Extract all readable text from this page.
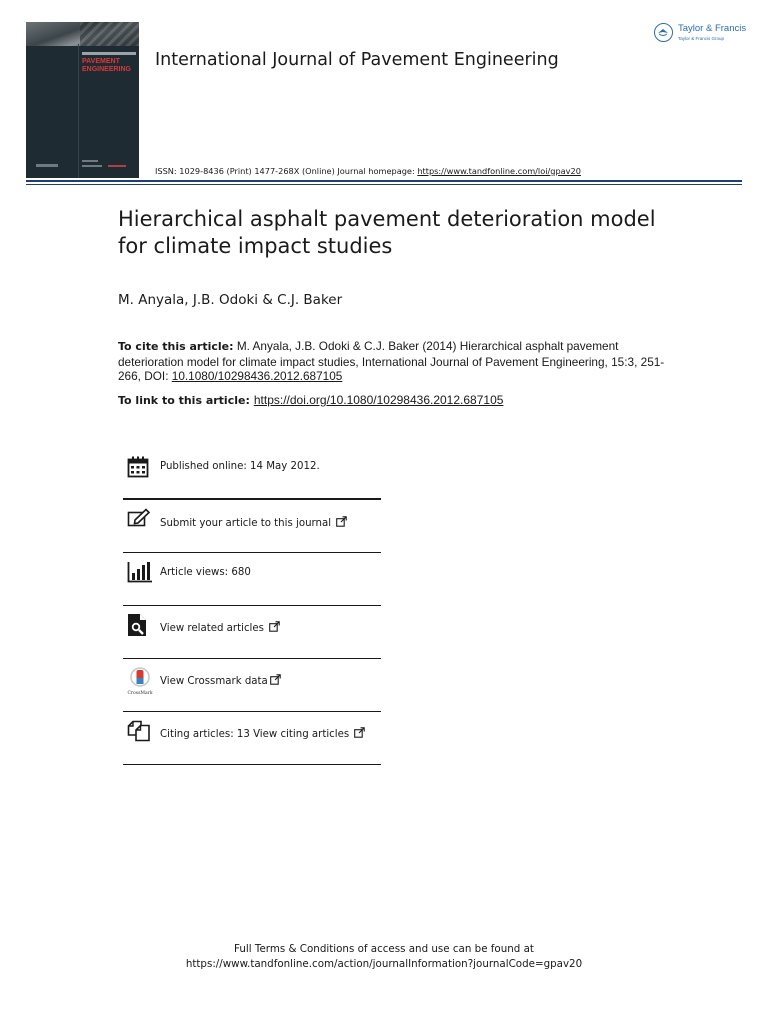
PAVEMENT
ENGINEERING International Journal of Pavement Engineering
Taylor & Francis
Taylor & Francis Group
ISSN: 1029-8436 (Print) 1477-268X (Online) Journal homepage: https://www.tandfonline.com/loi/gpav20
Hierarchical asphalt pavement deterioration model for climate impact studies
M. Anyala, J.B. Odoki & C.J. Baker
To cite this article: M. Anyala, J.B. Odoki & C.J. Baker (2014) Hierarchical asphalt pavement deterioration model for climate impact studies, International Journal of Pavement Engineering, 15:3, 251-266, DOI: 10.1080/10298436.2012.687105
To link to this article: https://doi.org/10.1080/10298436.2012.687105
Published online: 14 May 2012.
Submit your article to this journal
Article views: 680
View related articles
CrossMark
View Crossmark data
Citing articles: 13 View citing articles
Full Terms & Conditions of access and use can be found at
https://www.tandfonline.com/action/journalInformation?journalCode=gpav20
